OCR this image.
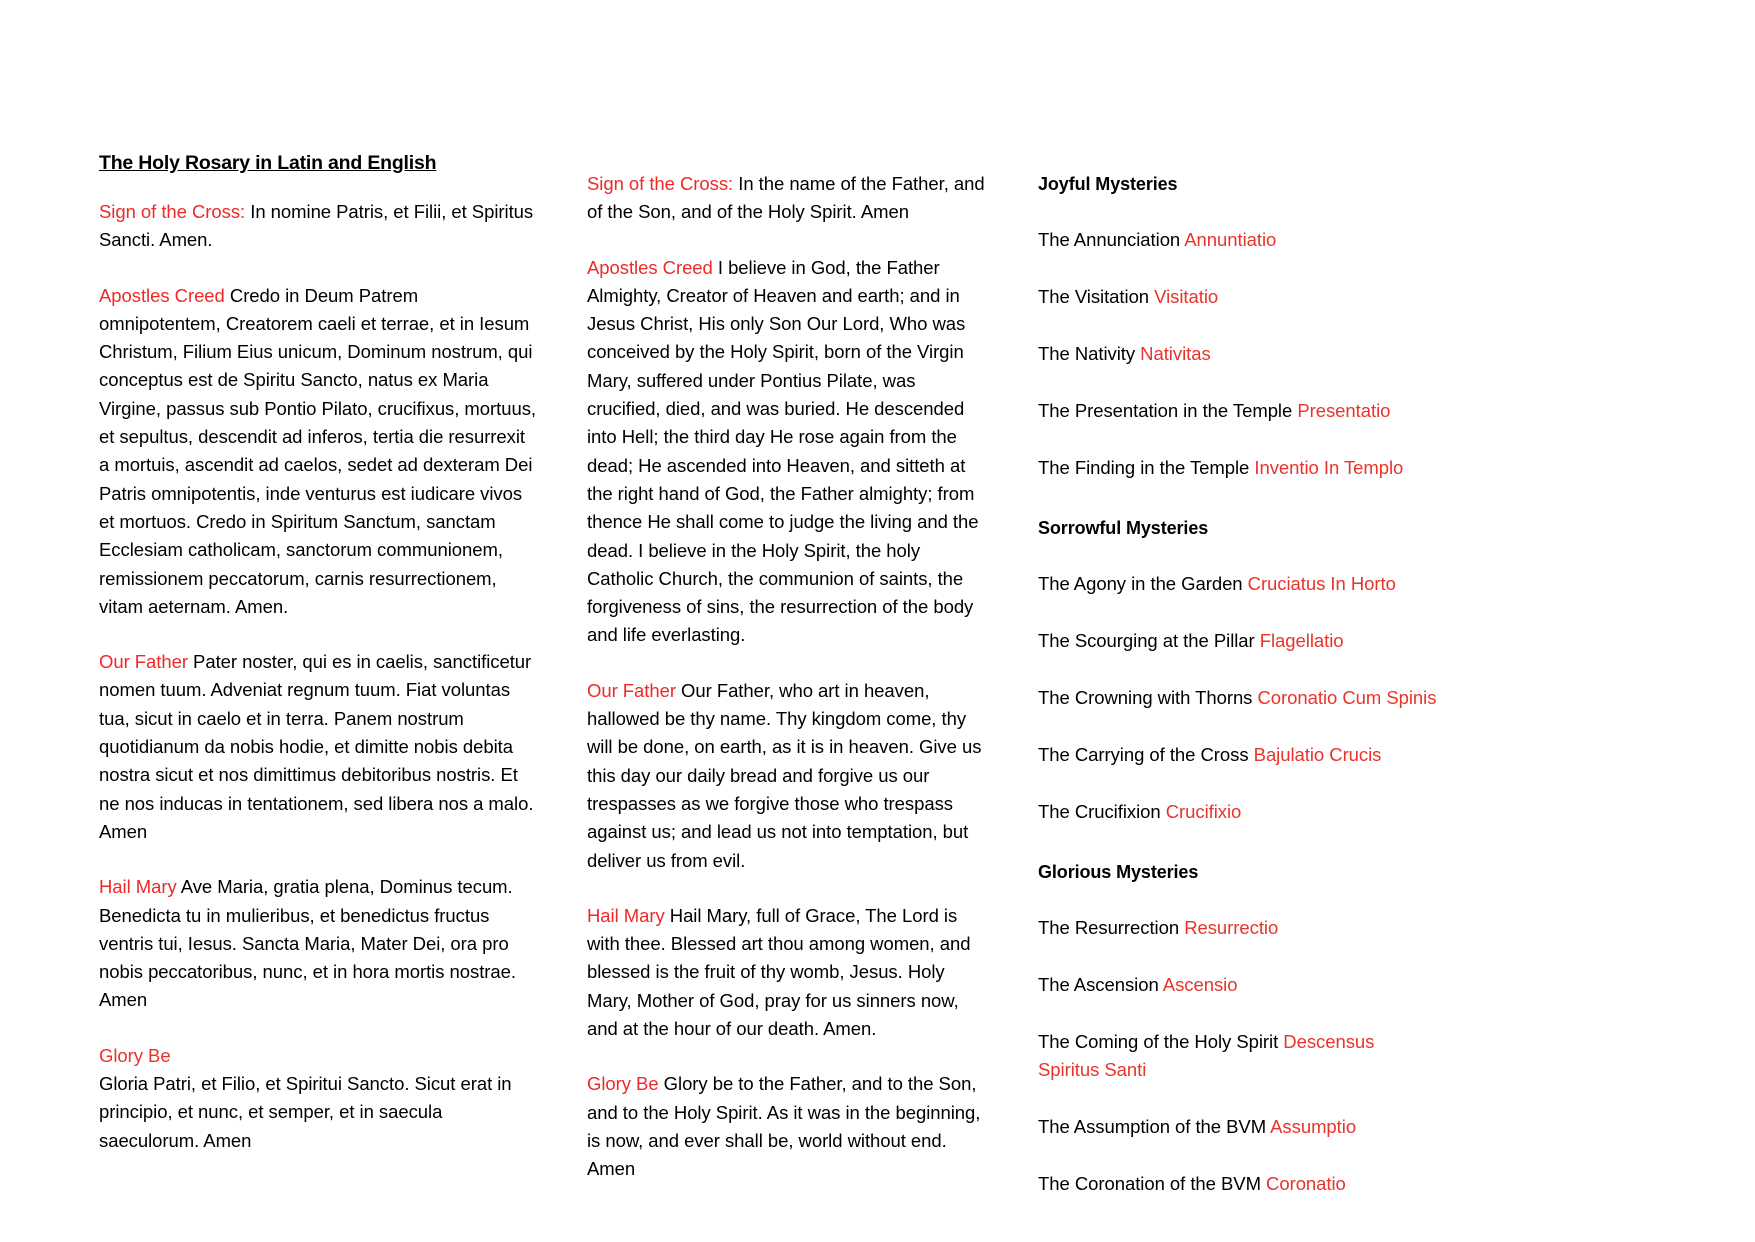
The Holy Rosary in Latin and English

Sign of the Cross: In nomine Patris, et Filii, et Spiritus Sancti. Amen.

Apostles Creed Credo in Deum Patrem omnipotentem, Creatorem caeli et terrae, et in Iesum Christum, Filium Eius unicum, Dominum nostrum, qui conceptus est de Spiritu Sancto, natus ex Maria Virgine, passus sub Pontio Pilato, crucifixus, mortuus, et sepultus, descendit ad inferos, tertia die resurrexit a mortuis, ascendit ad caelos, sedet ad dexteram Dei Patris omnipotentis, inde venturus est iudicare vivos et mortuos. Credo in Spiritum Sanctum, sanctam Ecclesiam catholicam, sanctorum communionem, remissionem peccatorum, carnis resurrectionem, vitam aeternam. Amen.

Our Father Pater noster, qui es in caelis, sanctificetur nomen tuum. Adveniat regnum tuum. Fiat voluntas tua, sicut in caelo et in terra. Panem nostrum quotidianum da nobis hodie, et dimitte nobis debita nostra sicut et nos dimittimus debitoribus nostris. Et ne nos inducas in tentationem, sed libera nos a malo. Amen

Hail Mary Ave Maria, gratia plena, Dominus tecum. Benedicta tu in mulieribus, et benedictus fructus ventris tui, Iesus. Sancta Maria, Mater Dei, ora pro nobis peccatoribus, nunc, et in hora mortis nostrae. Amen

Glory Be
Gloria Patri, et Filio, et Spiritui Sancto. Sicut erat in principio, et nunc, et semper, et in saecula saeculorum. Amen

Sign of the Cross: In the name of the Father, and of the Son, and of the Holy Spirit. Amen

Apostles Creed I believe in God, the Father Almighty, Creator of Heaven and earth; and in Jesus Christ, His only Son Our Lord, Who was conceived by the Holy Spirit, born of the Virgin Mary, suffered under Pontius Pilate, was crucified, died, and was buried. He descended into Hell; the third day He rose again from the dead; He ascended into Heaven, and sitteth at the right hand of God, the Father almighty; from thence He shall come to judge the living and the dead. I believe in the Holy Spirit, the holy Catholic Church, the communion of saints, the forgiveness of sins, the resurrection of the body and life everlasting.

Our Father Our Father, who art in heaven, hallowed be thy name. Thy kingdom come, thy will be done, on earth, as it is in heaven. Give us this day our daily bread and forgive us our trespasses as we forgive those who trespass against us; and lead us not into temptation, but deliver us from evil.

Hail Mary Hail Mary, full of Grace, The Lord is with thee. Blessed art thou among women, and blessed is the fruit of thy womb, Jesus. Holy Mary, Mother of God, pray for us sinners now, and at the hour of our death. Amen.

Glory Be Glory be to the Father, and to the Son, and to the Holy Spirit. As it was in the beginning, is now, and ever shall be, world without end. Amen

Joyful Mysteries
The Annunciation Annuntiatio
The Visitation Visitatio
The Nativity Nativitas
The Presentation in the Temple Presentatio
The Finding in the Temple Inventio In Templo
Sorrowful Mysteries
The Agony in the Garden Cruciatus In Horto
The Scourging at the Pillar Flagellatio
The Crowning with Thorns Coronatio Cum Spinis
The Carrying of the Cross Bajulatio Crucis
The Crucifixion Crucifixio
Glorious Mysteries
The Resurrection Resurrectio
The Ascension Ascensio
The Coming of the Holy Spirit Descensus Spiritus Santi
The Assumption of the BVM Assumptio
The Coronation of the BVM Coronatio
